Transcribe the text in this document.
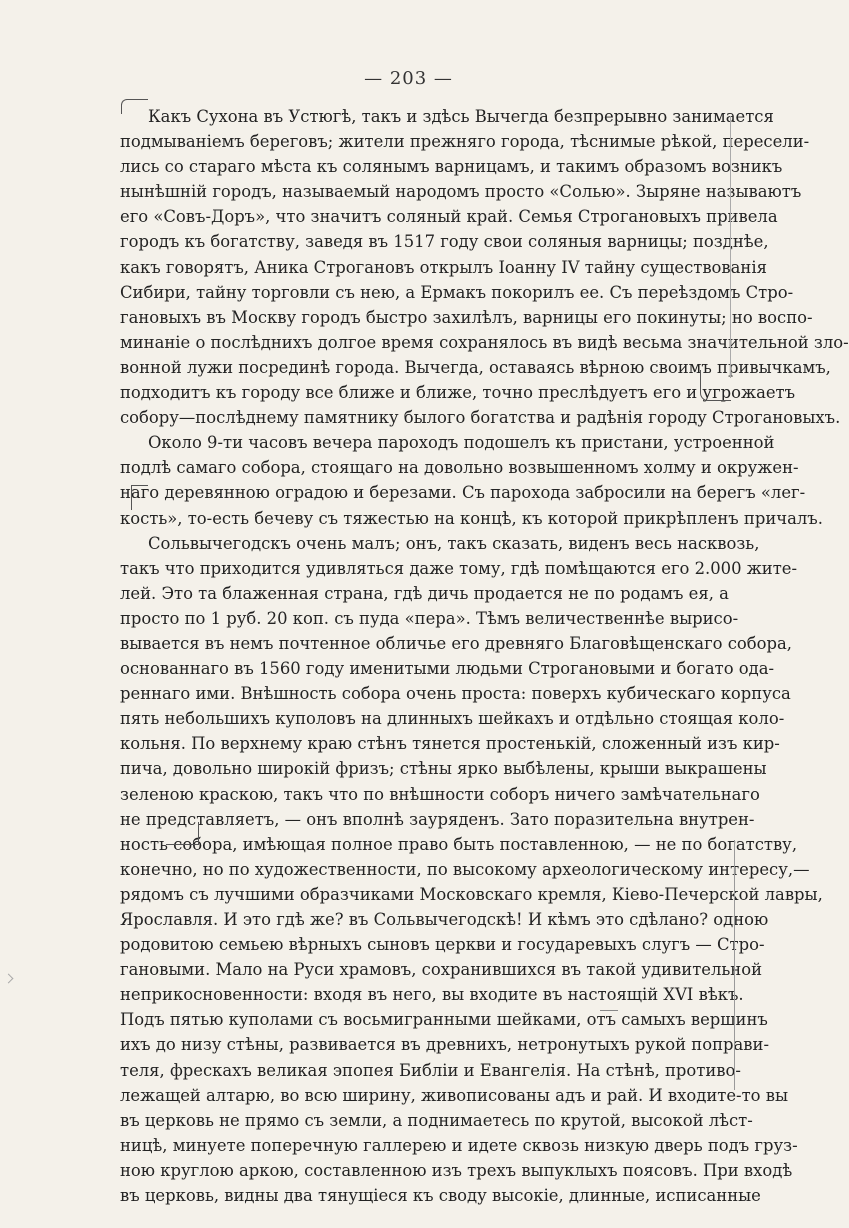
— 203 —
Какъ Сухона въ Устюгѣ, такъ и здѣсь Вычегда безпрерывно занимается
подмываніемъ береговъ; жители прежняго города, тѣснимые рѣкой, пересели-
лись со стараго мѣста къ солянымъ варницамъ, и такимъ образомъ возникъ
нынѣшній городъ, называемый народомъ просто «Солью». Зыряне называютъ
его «Совъ-Доръ», что значитъ соляный край. Семья Строгановыхъ привела
городъ къ богатству, заведя въ 1517 году свои соляныя варницы; позднѣе,
какъ говорятъ, Аника Строгановъ открылъ Іоанну IV тайну существованія
Сибири, тайну торговли съ нею, а Ермакъ покорилъ ее. Съ переѣздомъ Стро-
гановыхъ въ Москву городъ быстро захилѣлъ, варницы его покинуты; но воспо-
минаніе о послѣднихъ долгое время сохранялось въ видѣ весьма значительной зло-
вонной лужи посрединѣ города. Вычегда, оставаясь вѣрною своимъ привычкамъ,
подходитъ къ городу все ближе и ближе, точно преслѣдуетъ его и угрожаетъ
собору—послѣднему памятнику былого богатства и радѣнія городу Строгановыхъ.
Около 9-ти часовъ вечера пароходъ подошелъ къ пристани, устроенной
подлѣ самаго собора, стоящаго на довольно возвышенномъ холму и окружен-
наго деревянною оградою и березами. Съ парохода забросили на берегъ «лег-
кость», то-есть бечеву съ тяжестью на концѣ, къ которой прикрѣпленъ причалъ.
Сольвычегодскъ очень малъ; онъ, такъ сказать, виденъ весь насквозь,
такъ что приходится удивляться даже тому, гдѣ помѣщаются его 2.000 жите-
лей. Это та блаженная страна, гдѣ дичь продается не по родамъ ея, а
просто по 1 руб. 20 коп. съ пуда «пера». Тѣмъ величественнѣе вырисо-
вывается въ немъ почтенное обличье его древняго Благовѣщенскаго собора,
основаннаго въ 1560 году именитыми людьми Строгановыми и богато ода-
реннаго ими. Внѣшность собора очень проста: поверхъ кубическаго корпуса
пять небольшихъ куполовъ на длинныхъ шейкахъ и отдѣльно стоящая коло-
кольня. По верхнему краю стѣнъ тянется простенькій, сложенный изъ кир-
пича, довольно широкій фризъ; стѣны ярко выбѣлены, крыши выкрашены
зеленою краскою, такъ что по внѣшности соборъ ничего замѣчательнаго
не представляетъ, — онъ вполнѣ зауряденъ. Зато поразительна внутрен-
ность собора, имѣющая полное право быть поставленною, — не по богатству,
конечно, но по художественности, по высокому археологическому интересу,—
рядомъ съ лучшими образчиками Московскаго кремля, Кіево-Печерской лавры,
Ярославля. И это гдѣ же? въ Сольвычегодскѣ! И кѣмъ это сдѣлано? одною
родовитою семьею вѣрныхъ сыновъ церкви и государевыхъ слугъ — Стро-
гановыми. Мало на Руси храмовъ, сохранившихся въ такой удивительной
неприкосновенности: входя въ него, вы входите въ настоящій XVI вѣкъ.
Подъ пятью куполами съ восьмигранными шейками, отъ самыхъ вершинъ
ихъ до низу стѣны, развивается въ древнихъ, нетронутыхъ рукой поправи-
теля, фрескахъ великая эпопея Библіи и Евангелія. На стѣнѣ, противо-
лежащей алтарю, во всю ширину, живописованы адъ и рай. И входите-то вы
въ церковь не прямо съ земли, а поднимаетесь по крутой, высокой лѣст-
ницѣ, минуете поперечную галлерею и идете сквозь низкую дверь подъ груз-
ною круглою аркою, составленною изъ трехъ выпуклыхъ поясовъ. При входѣ
въ церковь, видны два тянущіеся къ своду высокіе, длинные, исписанные
